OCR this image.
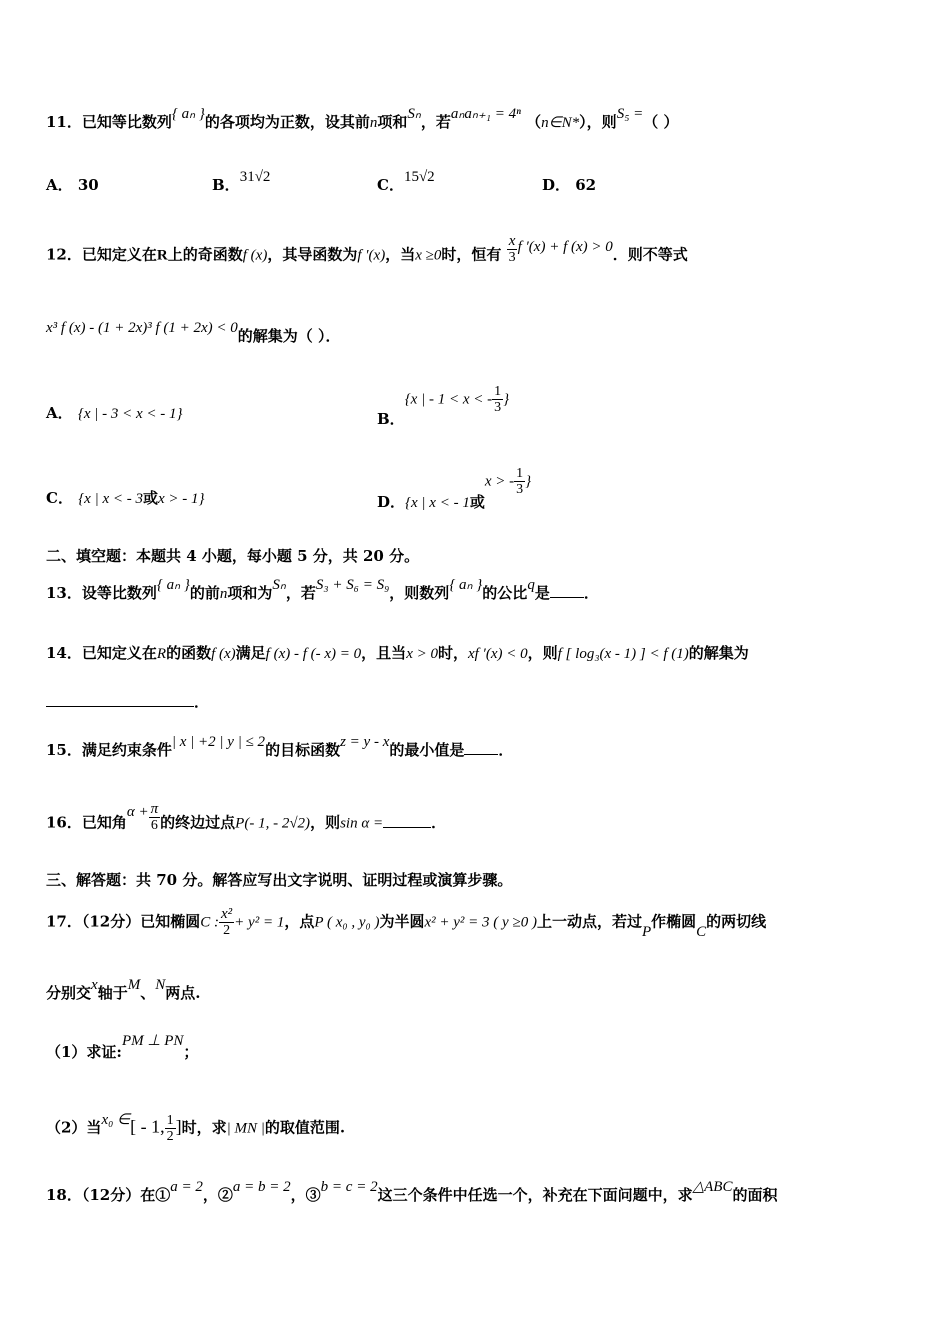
11．已知等比数列{ aₙ }的各项均为正数，设其前n项和Sₙ，若aₙaₙ₊₁ = 4ⁿ （n∈N*），则S₅ =（ ）
A． 30	B．31√2	C．15√2	D． 62
12．已知定义在R上的奇函数f (x)，其导函数为f ′(x)，当x ≥0时，恒有 $\frac{x}{3}$ f ′(x) + f (x) > 0．则不等式
x³ f (x) - (1 + 2x)³ f (1 + 2x) < 0的解集为（ ）．
A． {x | - 3 < x < - 1}	B．{x | - 1 < x < - $\frac{1}{3}$ }
C． {x | x < - 3或x > - 1}	D．{x | x < - 1或x > - $\frac{1}{3}$ }
二、填空题：本题共 4 小题，每小题 5 分，共 20 分。
13．设等比数列{ aₙ }的前n项和为Sₙ，若S₃ + S₆ = S₉，则数列{ aₙ }的公比q是 ．
14．已知定义在R的函数f (x)满足f (x) - f (- x) = 0，且当x > 0时，xf ′(x) < 0，则f [ log₃(x - 1) ] < f (1)的解集为
．
15．满足约束条件| x | +2 | y | ≤ 2的目标函数z = y - x的最小值是 ．
16．已知角$\alpha + \frac{\pi}{6}$ 的终边过点P(- 1, - 2√2)，则sin α =	．
三、解答题：共 70 分。解答应写出文字说明、证明过程或演算步骤。
17．（12分）已知椭圆C : $\frac{\text{x²}}{2} + y^2 = 1$，点P ( x₀ , y₀ )为半圆x² + y² = 3 ( y ≥0 )上一动点，若过P作椭圆C的两切线
分别交x轴于M、N两点.
（1）求证:PM ⊥ PN；
（2）当x₀ ∈[ - 1, $\frac{1}{2}$ ]时，求| MN |的取值范围.
18．（12分）在①a = 2，②a = b = 2，③b = c = 2这三个条件中任选一个，补充在下面问题中，求△ABC的面积
